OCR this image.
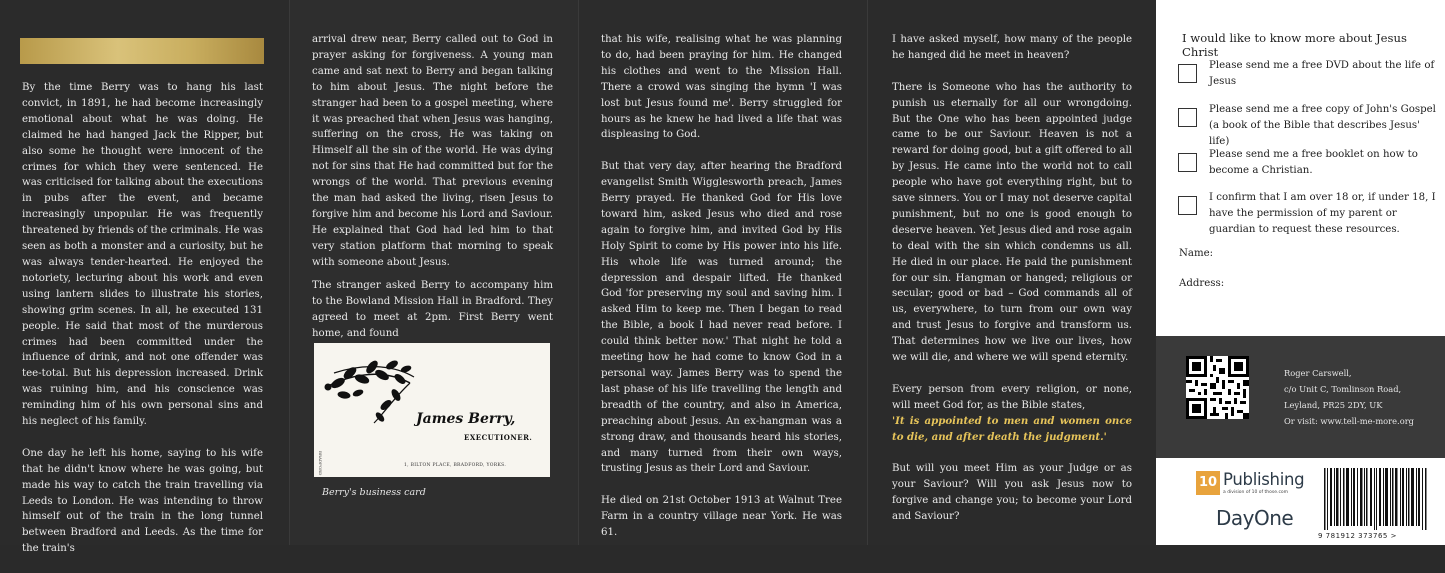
By the time Berry was to hang his last convict, in 1891, he had become increasingly emotional about what he was doing. He claimed he had hanged Jack the Ripper, but also some he thought were innocent of the crimes for which they were sentenced. He was criticised for talking about the executions in pubs after the event, and became increasingly unpopular. He was frequently threatened by friends of the criminals. He was seen as both a monster and a curiosity, but he was always tender-hearted. He enjoyed the notoriety, lecturing about his work and even using lantern slides to illustrate his stories, showing grim scenes. In all, he executed 131 people. He said that most of the murderous crimes had been committed under the influence of drink, and not one offender was tee-total. But his depression increased. Drink was ruining him, and his conscience was reminding him of his own personal sins and his neglect of his family.

One day he left his home, saying to his wife that he didn't know where he was going, but made his way to catch the train travelling via Leeds to London. He was intending to throw himself out of the train in the long tunnel between Bradford and Leeds. As the time for the train's

arrival drew near, Berry called out to God in prayer asking for forgiveness. A young man came and sat next to Berry and began talking to him about Jesus. The night before the stranger had been to a gospel meeting, where it was preached that when Jesus was hanging, suffering on the cross, He was taking on Himself all the sin of the world. He was dying not for sins that He had committed but for the wrongs of the world. That previous evening the man had asked the living, risen Jesus to forgive him and become his Lord and Saviour. He explained that God had led him to that very station platform that morning to speak with someone about Jesus.

The stranger asked Berry to accompany him to the Bowland Mission Hall in Bradford. They agreed to meet at 2pm. First Berry went home, and found

James Berry,
EXECUTIONER.
1, BILTON PLACE, BRADFORD, YORKS.
BRADFORD
Berry's business card

that his wife, realising what he was planning to do, had been praying for him. He changed his clothes and went to the Mission Hall. There a crowd was singing the hymn 'I was lost but Jesus found me'. Berry struggled for hours as he knew he had lived a life that was displeasing to God.

But that very day, after hearing the Bradford evangelist Smith Wigglesworth preach, James Berry prayed. He thanked God for His love toward him, asked Jesus who died and rose again to forgive him, and invited God by His Holy Spirit to come by His power into his life. His whole life was turned around; the depression and despair lifted. He thanked God 'for preserving my soul and saving him. I asked Him to keep me. Then I began to read the Bible, a book I had never read before. I could think better now.' That night he told a meeting how he had come to know God in a personal way. James Berry was to spend the last phase of his life travelling the length and breadth of the country, and also in America, preaching about Jesus. An ex-hangman was a strong draw, and thousands heard his stories, and many turned from their own ways, trusting Jesus as their Lord and Saviour.

He died on 21st October 1913 at Walnut Tree Farm in a country village near York. He was 61.

I have asked myself, how many of the people he hanged did he meet in heaven?

There is Someone who has the authority to punish us eternally for all our wrongdoing. But the One who has been appointed judge came to be our Saviour. Heaven is not a reward for doing good, but a gift offered to all by Jesus. He came into the world not to call people who have got everything right, but to save sinners. You or I may not deserve capital punishment, but no one is good enough to deserve heaven. Yet Jesus died and rose again to deal with the sin which condemns us all. He died in our place. He paid the punishment for our sin. Hangman or hanged; religious or secular; good or bad – God commands all of us, everywhere, to turn from our own way and trust Jesus to forgive and transform us. That determines how we live our lives, how we will die, and where we will spend eternity.

Every person from every religion, or none, will meet God for, as the Bible states,

'It is appointed to men and women once to die, and after death the judgment.'

But will you meet Him as your Judge or as your Saviour? Will you ask Jesus now to forgive and change you; to become your Lord and Saviour?

I would like to know more about Jesus Christ
Please send me a free DVD about the life of Jesus
Please send me a free copy of John's Gospel (a book of the Bible that describes Jesus' life)
Please send me a free booklet on how to become a Christian.
I confirm that I am over 18 or, if under 18, I have the permission of my parent or guardian to request these resources.
Name:
Address:
Roger Carswell,
c/o Unit C, Tomlinson Road,
Leyland, PR25 2DY, UK
Or visit: www.tell-me-more.org
10 Publishing
a division of 10 of those.com
DayOne
9 781912 373765 >
